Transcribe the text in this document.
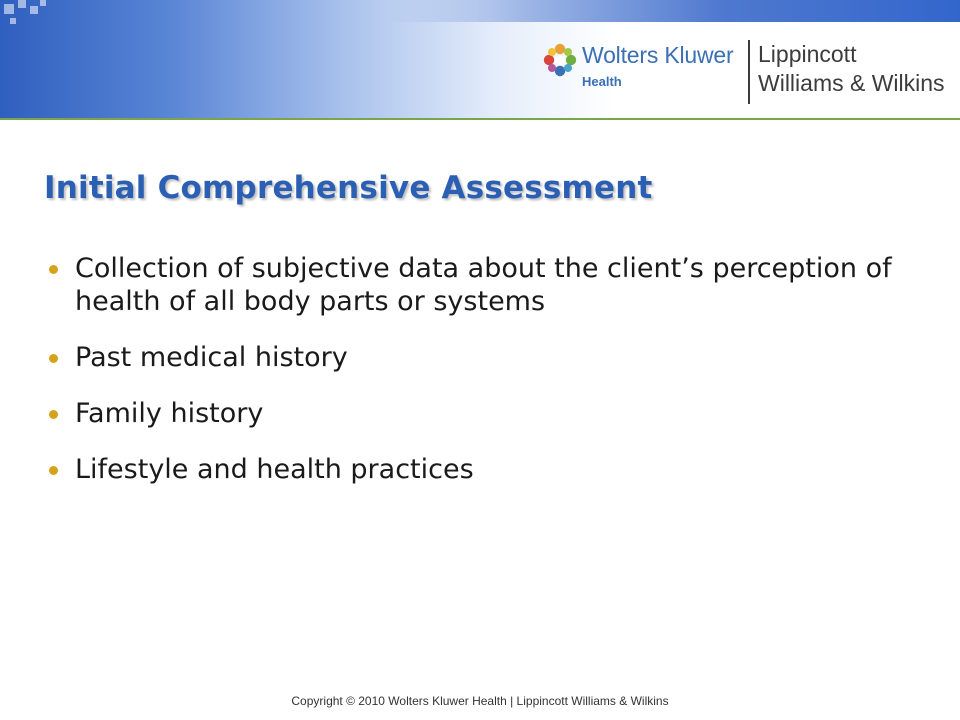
Wolters Kluwer
Health
Lippincott
Williams & Wilkins
Initial Comprehensive Assessment
Collection of subjective data about the client’s perception of health of all body parts or systems
Past medical history
Family history
Lifestyle and health practices
Copyright © 2010 Wolters Kluwer Health | Lippincott Williams & Wilkins
